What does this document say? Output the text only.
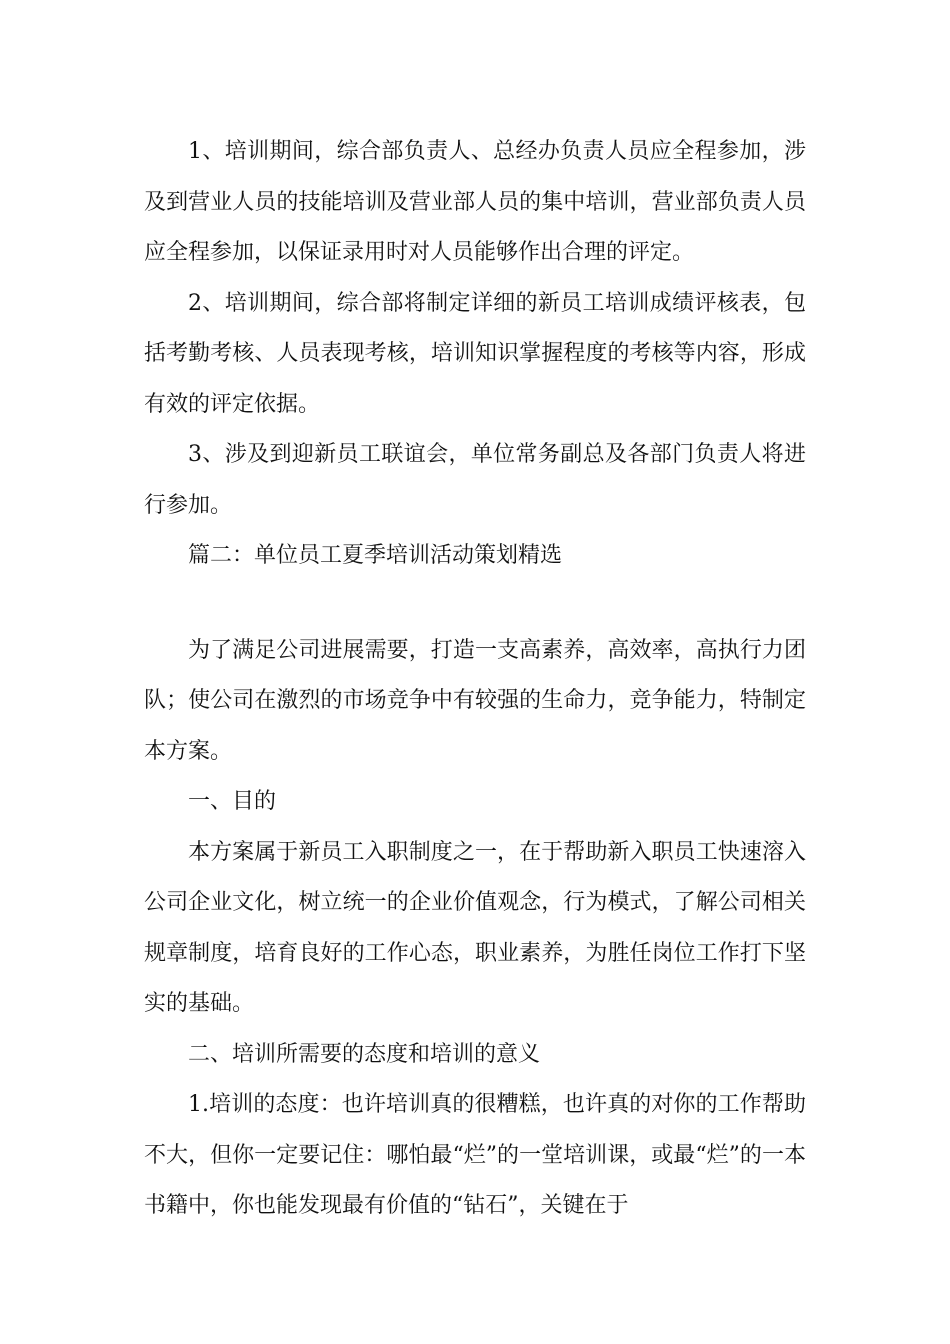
1、培训期间，综合部负责人、总经办负责人员应全程参加，涉及到营业人员的技能培训及营业部人员的集中培训，营业部负责人员应全程参加，以保证录用时对人员能够作出合理的评定。

2、培训期间，综合部将制定详细的新员工培训成绩评核表，包括考勤考核、人员表现考核，培训知识掌握程度的考核等内容，形成有效的评定依据。

3、涉及到迎新员工联谊会，单位常务副总及各部门负责人将进行参加。

篇二：单位员工夏季培训活动策划精选

为了满足公司进展需要，打造一支高素养，高效率，高执行力团队；使公司在激烈的市场竞争中有较强的生命力，竞争能力，特制定本方案。

一、目的

本方案属于新员工入职制度之一，在于帮助新入职员工快速溶入公司企业文化，树立统一的企业价值观念，行为模式，了解公司相关规章制度，培育良好的工作心态，职业素养，为胜任岗位工作打下坚实的基础。

二、培训所需要的态度和培训的意义

1.培训的态度：也许培训真的很糟糕，也许真的对你的工作帮助不大，但你一定要记住：哪怕最“烂”的一堂培训课，或最“烂”的一本书籍中，你也能发现最有价值的“钻石”，关键在于
